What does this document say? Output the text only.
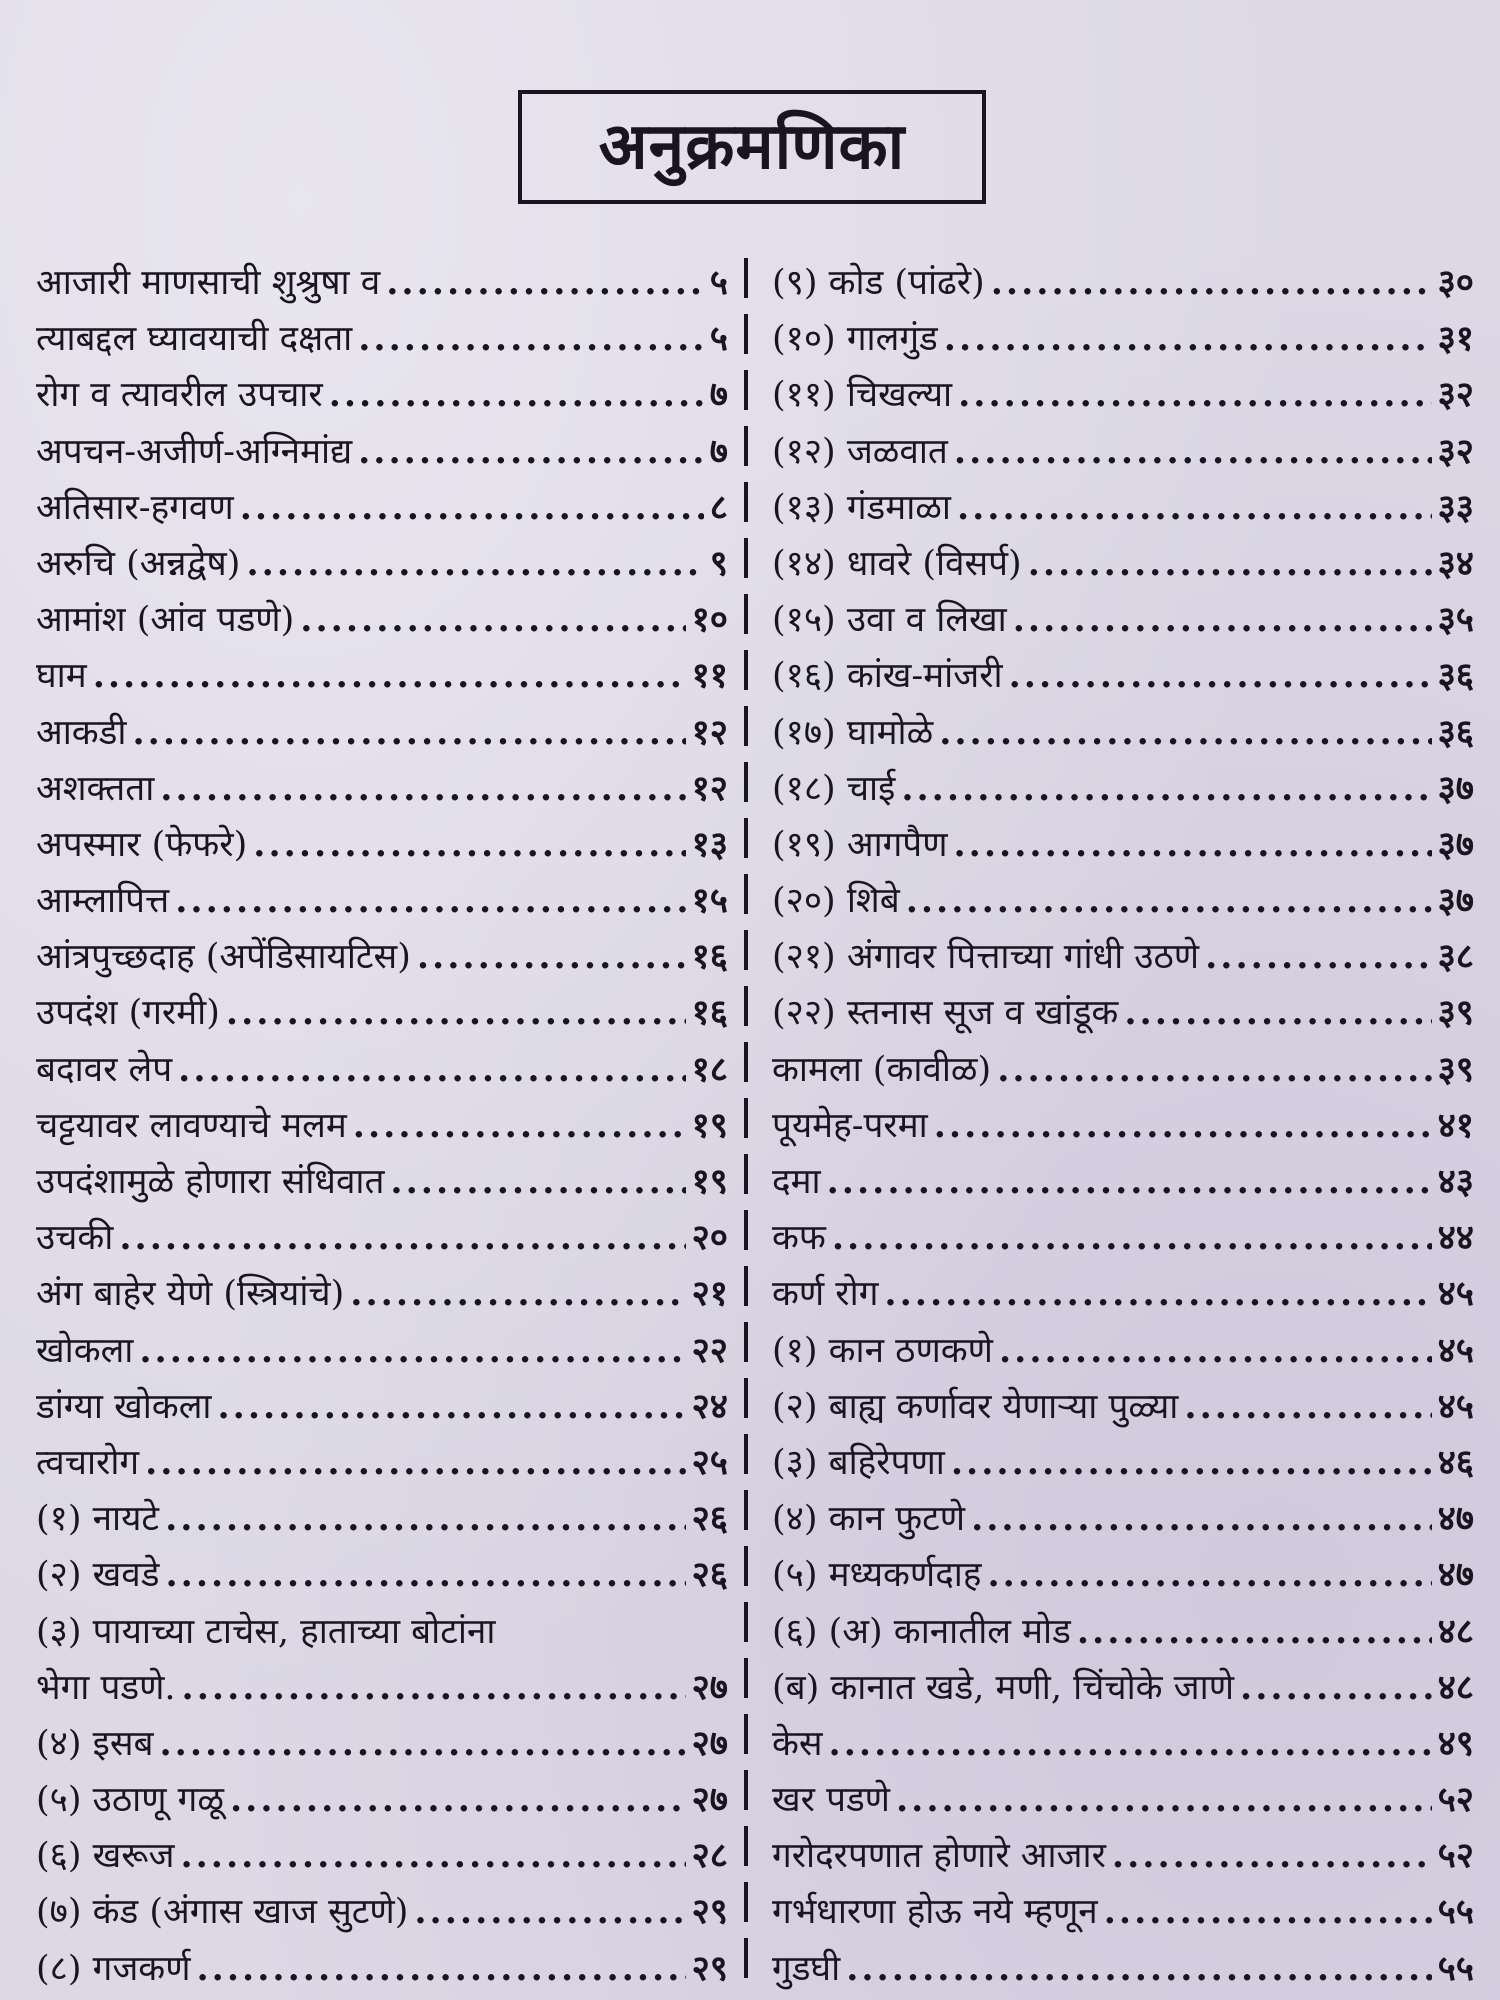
अनुक्रमणिका
आजारी माणसाची शुश्रुषा व .....	५
त्याबद्दल घ्यावयाची दक्षता .....	५
रोग व त्यावरील उपचार .....	७
अपचन-अजीर्ण-अग्निमांद्य .....	७
अतिसार-हगवण .....	८
अरुचि (अन्नद्वेष) .....	९
आमांश (आंव पडणे) .....	१०
घाम .....	११
आकडी .....	१२
अशक्तता .....	१२
अपस्मार (फेफरे) .....	१३
आम्लापित्त .....	१५
आंत्रपुच्छदाह (अपेंडिसायटिस) .....	१६
उपदंश (गरमी) .....	१६
बदावर लेप .....	१८
चट्टयावर लावण्याचे मलम .....	१९
उपदंशामुळे होणारा संधिवात .....	१९
उचकी .....	२०
अंग बाहेर येणे (स्त्रियांचे) .....	२१
खोकला .....	२२
डांग्या खोकला .....	२४
त्वचारोग .....	२५
(१) नायटे .....	२६
(२) खवडे .....	२६
(३) पायाच्या टाचेस, हाताच्या बोटांना
भेगा पडणे. .....	२७
(४) इसब .....	२७
(५) उठाणू गळू .....	२७
(६) खरूज .....	२८
(७) कंड (अंगास खाज सुटणे) .....	२९
(८) गजकर्ण .....	२९
(९) कोड (पांढरे) .....	३०
(१०) गालगुंड .....	३१
(११) चिखल्या .....	३२
(१२) जळवात .....	३२
(१३) गंडमाळा .....	३३
(१४) धावरे (विसर्प) .....	३४
(१५) उवा व लिखा .....	३५
(१६) कांख-मांजरी .....	३६
(१७) घामोळे .....	३६
(१८) चाई .....	३७
(१९) आगपैण .....	३७
(२०) शिबे .....	३७
(२१) अंगावर पित्ताच्या गांधी उठणे .....	३८
(२२) स्तनास सूज व खांडूक .....	३९
कामला (कावीळ) .....	३९
पूयमेह-परमा .....	४१
दमा .....	४३
कफ .....	४४
कर्ण रोग .....	४५
(१) कान ठणकणे .....	४५
(२) बाह्य कर्णावर येणाऱ्या पुळ्या .....	४५
(३) बहिरेपणा .....	४६
(४) कान फुटणे .....	४७
(५) मध्यकर्णदाह .....	४७
(६) (अ) कानातील मोड .....	४८
(ब) कानात खडे, मणी, चिंचोके जाणे .....	४८
केस .....	४९
खर पडणे .....	५२
गरोदरपणात होणारे आजार .....	५२
गर्भधारणा होऊ नये म्हणून .....	५५
गुडघी .....	५५
